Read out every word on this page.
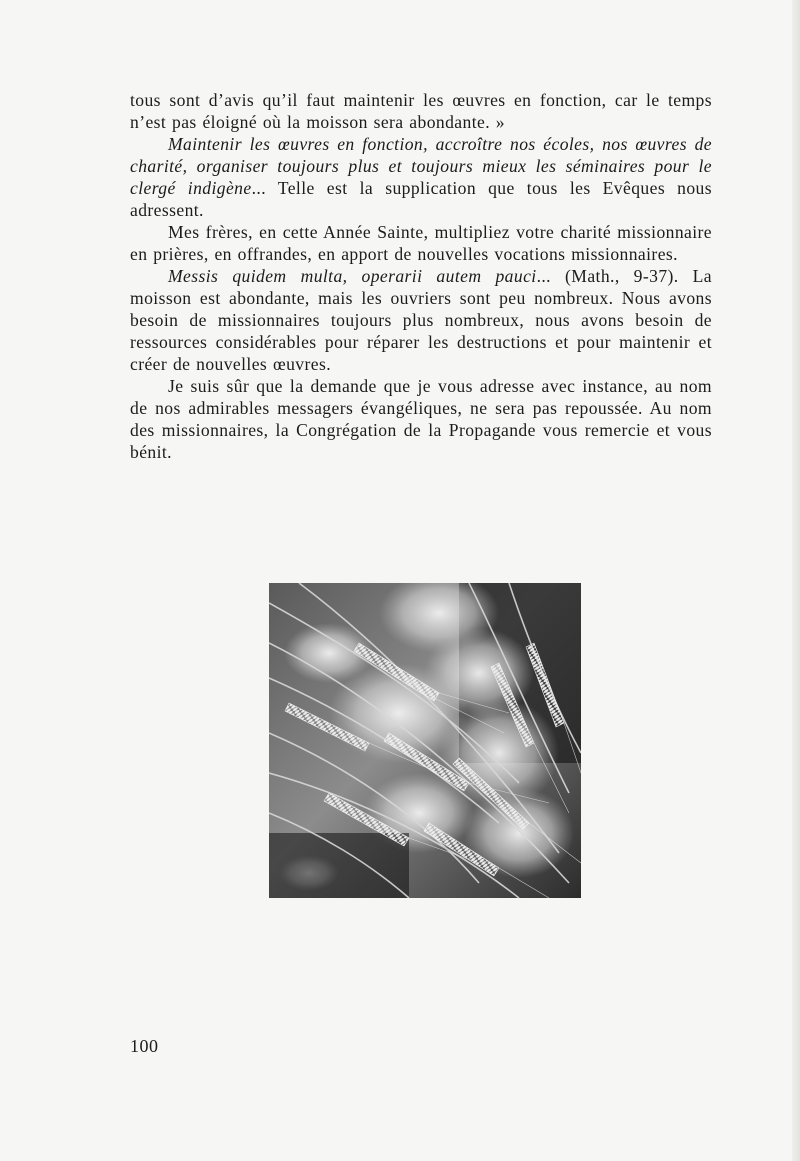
tous sont d’avis qu’il faut maintenir les œuvres en fonction, car le temps n’est pas éloigné où la moisson sera abondante. »

Maintenir les œuvres en fonction, accroître nos écoles, nos œuvres de charité, organiser toujours plus et toujours mieux les séminaires pour le clergé indigène... Telle est la supplication que tous les Evêques nous adressent.

Mes frères, en cette Année Sainte, multipliez votre charité missionnaire en prières, en offrandes, en apport de nouvelles vocations missionnaires.

Messis quidem multa, operarii autem pauci... (Math., 9-37). La moisson est abondante, mais les ouvriers sont peu nombreux. Nous avons besoin de missionnaires toujours plus nombreux, nous avons besoin de ressources considérables pour réparer les destructions et pour maintenir et créer de nouvelles œuvres.

Je suis sûr que la demande que je vous adresse avec instance, au nom de nos admirables messagers évangéliques, ne sera pas repoussée. Au nom des missionnaires, la Congrégation de la Propagande vous remercie et vous bénit.

100
